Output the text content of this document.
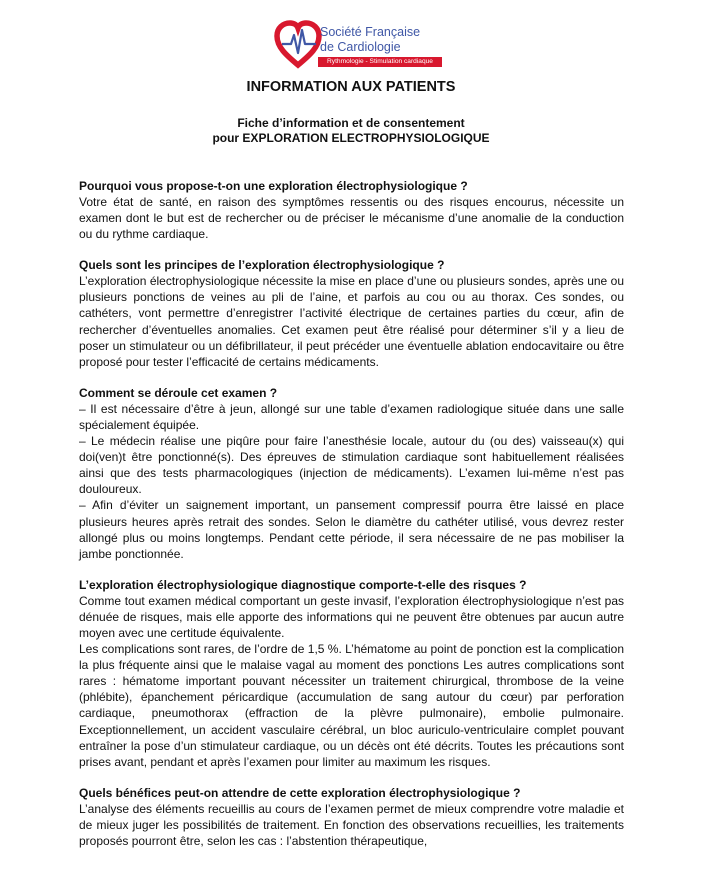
Société Française
de Cardiologie
Rythmologie - Stimulation cardiaque
INFORMATION AUX PATIENTS
Fiche d’information et de consentement
pour EXPLORATION ELECTROPHYSIOLOGIQUE
Pourquoi vous propose-t-on une exploration électrophysiologique ?

Votre état de santé, en raison des symptômes ressentis ou des risques encourus, nécessite un examen dont le but est de rechercher ou de préciser le mécanisme d’une anomalie de la conduction ou du rythme cardiaque.

Quels sont les principes de l’exploration électrophysiologique ?

L’exploration électrophysiologique nécessite la mise en place d’une ou plusieurs sondes, après une ou plusieurs ponctions de veines au pli de l’aine, et parfois au cou ou au thorax. Ces sondes, ou cathéters, vont permettre d’enregistrer l’activité électrique de certaines parties du cœur, afin de rechercher d’éventuelles anomalies. Cet examen peut être réalisé pour déterminer s’il y a lieu de poser un stimulateur ou un défibrillateur, il peut précéder une éventuelle ablation endocavitaire ou être proposé pour tester l’efficacité de certains médicaments.

Comment se déroule cet examen ?

– Il est nécessaire d’être à jeun, allongé sur une table d’examen radiologique située dans une salle spécialement équipée.

– Le médecin réalise une piqûre pour faire l’anesthésie locale, autour du (ou des) vaisseau(x) qui doi(ven)t être ponctionné(s). Des épreuves de stimulation cardiaque sont habituellement réalisées ainsi que des tests pharmacologiques (injection de médicaments). L’examen lui-même n’est pas douloureux.

– Afin d’éviter un saignement important, un pansement compressif pourra être laissé en place plusieurs heures après retrait des sondes. Selon le diamètre du cathéter utilisé, vous devrez rester allongé plus ou moins longtemps. Pendant cette période, il sera nécessaire de ne pas mobiliser la jambe ponctionnée.

L’exploration électrophysiologique diagnostique comporte-t-elle des risques ?

Comme tout examen médical comportant un geste invasif, l’exploration électrophysiologique n’est pas dénuée de risques, mais elle apporte des informations qui ne peuvent être obtenues par aucun autre moyen avec une certitude équivalente.

Les complications sont rares, de l’ordre de 1,5 %. L’hématome au point de ponction est la complication la plus fréquente ainsi que le malaise vagal au moment des ponctions Les autres complications sont rares : hématome important pouvant nécessiter un traitement chirurgical, thrombose de la veine (phlébite), épanchement péricardique (accumulation de sang autour du cœur) par perforation cardiaque, pneumothorax (effraction de la plèvre pulmonaire), embolie pulmonaire. Exceptionnellement, un accident vasculaire cérébral, un bloc auriculo-ventriculaire complet pouvant entraîner la pose d’un stimulateur cardiaque, ou un décès ont été décrits. Toutes les précautions sont prises avant, pendant et après l’examen pour limiter au maximum les risques.

Quels bénéfices peut-on attendre de cette exploration électrophysiologique ?

L’analyse des éléments recueillis au cours de l’examen permet de mieux comprendre votre maladie et de mieux juger les possibilités de traitement. En fonction des observations recueillies, les traitements proposés pourront être, selon les cas : l’abstention thérapeutique,
